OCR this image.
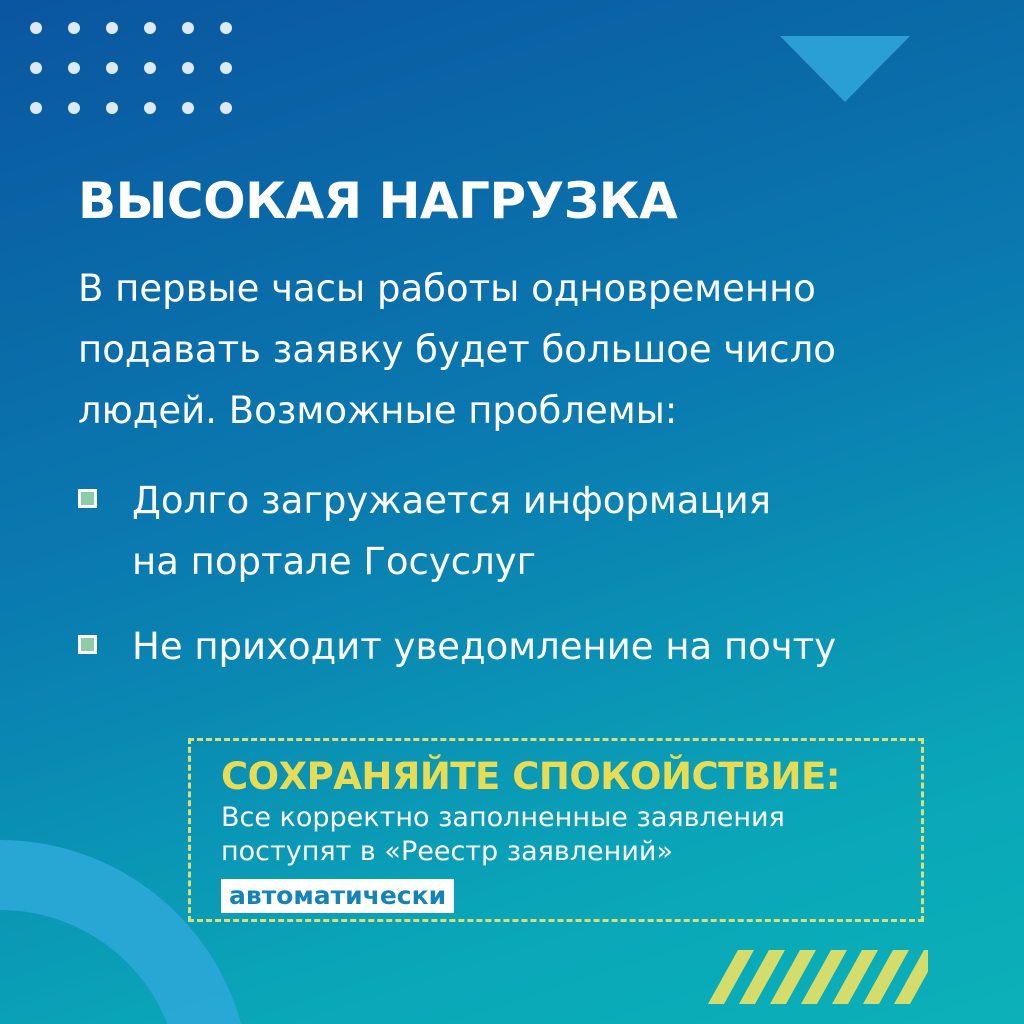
ВЫСОКАЯ НАГРУЗКА
В первые часы работы одновременно подавать заявку будет большое число людей. Возможные проблемы:
Долго загружается информация
на портале Госуслуг
Не приходит уведомление на почту
СОХРАНЯЙТЕ СПОКОЙСТВИЕ:
Все корректно заполненные заявления
поступят в «Реестр заявлений»
автоматически
